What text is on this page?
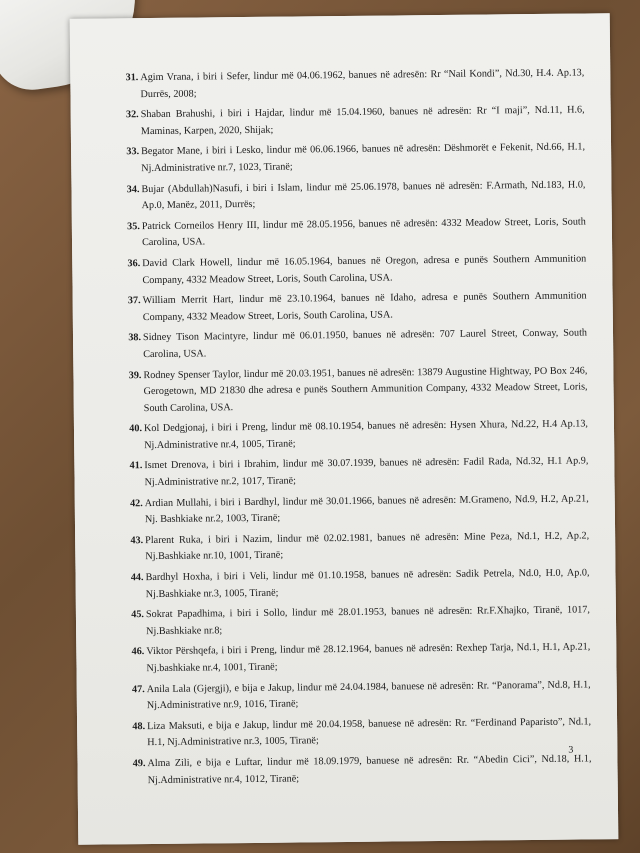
31. Agim Vrana, i biri i Sefer, lindur më 04.06.1962, banues në adresën: Rr “Nail Kondi”, Nd.30, H.4. Ap.13, Durrës, 2008;
32. Shaban Brahushi, i biri i Hajdar, lindur më 15.04.1960, banues në adresën: Rr “I maji”, Nd.11, H.6, Maminas, Karpen, 2020, Shijak;
33. Begator Mane, i biri i Lesko, lindur më 06.06.1966, banues në adresën: Dëshmorët e Fekenit, Nd.66, H.1, Nj.Administrative nr.7, 1023, Tiranë;
34. Bujar (Abdullah)Nasufi, i biri i Islam, lindur më 25.06.1978, banues në adresën: F.Armath, Nd.183, H.0, Ap.0, Manëz, 2011, Durrës;
35. Patrick Corneilos Henry III, lindur më 28.05.1956, banues në adresën: 4332 Meadow Street, Loris, South Carolina, USA.
36. David Clark Howell, lindur më 16.05.1964, banues në Oregon, adresa e punës Southern Ammunition Company, 4332 Meadow Street, Loris, South Carolina, USA.
37. William Merrit Hart, lindur më 23.10.1964, banues në Idaho, adresa e punës Southern Ammunition Company, 4332 Meadow Street, Loris, South Carolina, USA.
38. Sidney Tison Macintyre, lindur më 06.01.1950, banues në adresën: 707 Laurel Street, Conway, South Carolina, USA.
39. Rodney Spenser Taylor, lindur më 20.03.1951, banues në adresën: 13879 Augustine Hightway, PO Box 246, Gerogetown, MD 21830 dhe adresa e punës Southern Ammunition Company, 4332 Meadow Street, Loris, South Carolina, USA.
40. Kol Dedgjonaj, i biri i Preng, lindur më 08.10.1954, banues në adresën: Hysen Xhura, Nd.22, H.4 Ap.13, Nj.Administrative nr.4, 1005, Tiranë;
41. Ismet Drenova, i biri i Ibrahim, lindur më 30.07.1939, banues në adresën: Fadil Rada, Nd.32, H.1 Ap.9, Nj.Administrative nr.2, 1017, Tiranë;
42. Ardian Mullahi, i biri i Bardhyl, lindur më 30.01.1966, banues në adresën: M.Grameno, Nd.9, H.2, Ap.21, Nj. Bashkiake nr.2, 1003, Tiranë;
43. Plarent Ruka, i biri i Nazim, lindur më 02.02.1981, banues në adresën: Mine Peza, Nd.1, H.2, Ap.2, Nj.Bashkiake nr.10, 1001, Tiranë;
44. Bardhyl Hoxha, i biri i Veli, lindur më 01.10.1958, banues në adresën: Sadik Petrela, Nd.0, H.0, Ap.0, Nj.Bashkiake nr.3, 1005, Tiranë;
45. Sokrat Papadhima, i biri i Sollo, lindur më 28.01.1953, banues në adresën: Rr.F.Xhajko, Tiranë, 1017, Nj.Bashkiake nr.8;
46. Viktor Përshqefa, i biri i Preng, lindur më 28.12.1964, banues në adresën: Rexhep Tarja, Nd.1, H.1, Ap.21, Nj.bashkiake nr.4, 1001, Tiranë;
47. Anila Lala (Gjergji), e bija e Jakup, lindur më 24.04.1984, banuese në adresën: Rr. “Panorama”, Nd.8, H.1, Nj.Administrative nr.9, 1016, Tiranë;
48. Liza Maksuti, e bija e Jakup, lindur më 20.04.1958, banuese në adresën: Rr. “Ferdinand Paparisto”, Nd.1, H.1, Nj.Administrative nr.3, 1005, Tiranë;
49. Alma Zili, e bija e Luftar, lindur më 18.09.1979, banuese në adresën: Rr. “Abedin Cici”, Nd.18, H.1, Nj.Administrative nr.4, 1012, Tiranë;
3
